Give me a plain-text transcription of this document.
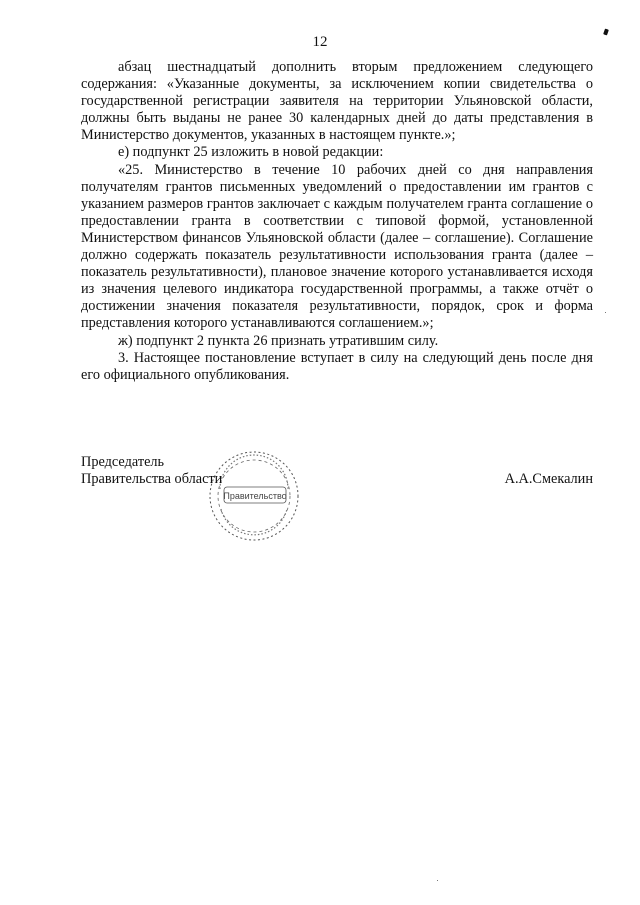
12

абзац шестнадцатый дополнить вторым предложением следующего содержания: «Указанные документы, за исключением копии свидетельства о государственной регистрации заявителя на территории Ульяновской области, должны быть выданы не ранее 30 календарных дней до даты представления в Министерство документов, указанных в настоящем пункте.»;

е) подпункт 25 изложить в новой редакции:

«25. Министерство в течение 10 рабочих дней со дня направления получателям грантов письменных уведомлений о предоставлении им грантов с указанием размеров грантов заключает с каждым получателем гранта соглашение о предоставлении гранта в соответствии с типовой формой, установленной Министерством финансов Ульяновской области (далее – соглашение). Соглашение должно содержать показатель результативности использования гранта (далее – показатель результативности), плановое значение которого устанавливается исходя из значения целевого индикатора государственной программы, а также отчёт о достижении значения показателя результативности, порядок, срок и форма представления которого устанавливаются соглашением.»;

ж) подпункт 2 пункта 26 признать утратившим силу.

3. Настоящее постановление вступает в силу на следующий день после дня его официального опубликования.

Правительство
Председатель
Правительства области	А.А.Смекалин
